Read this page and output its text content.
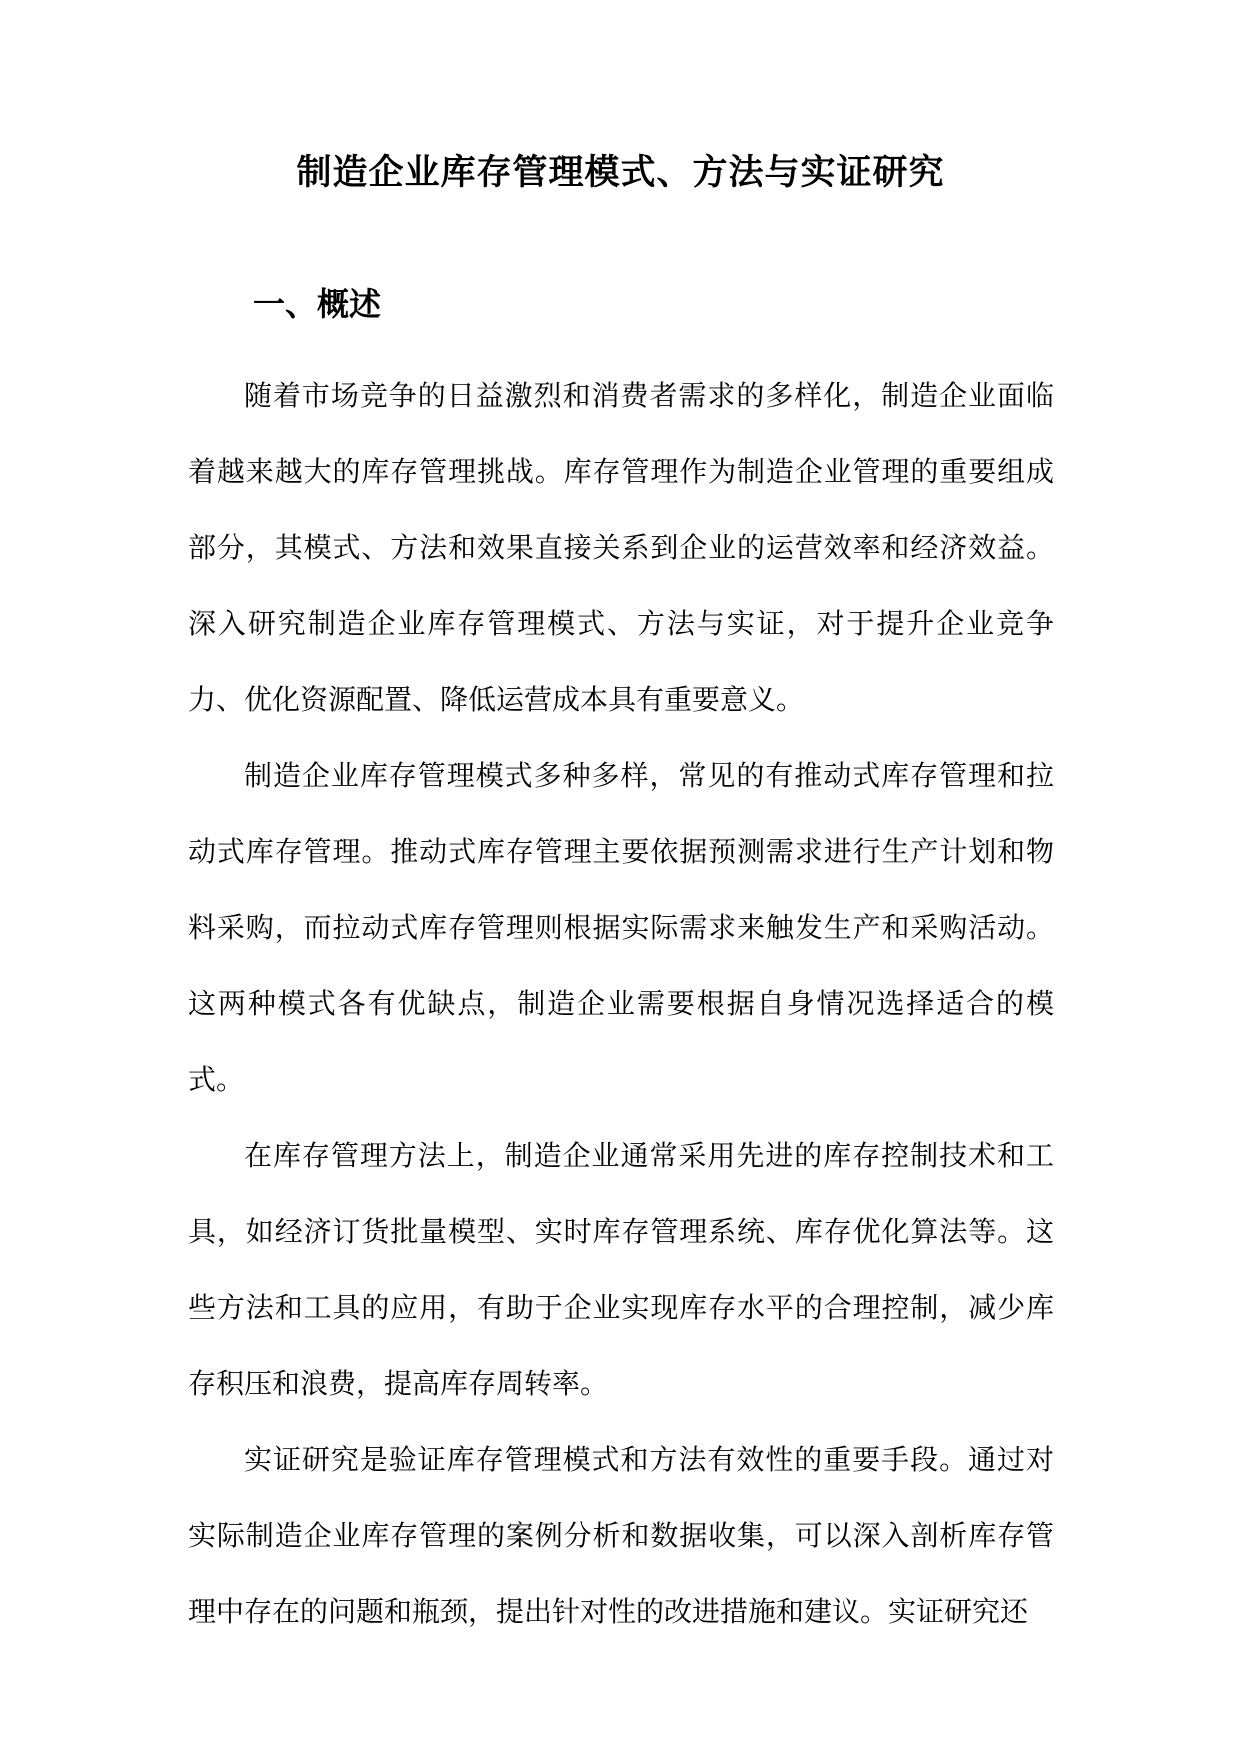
制造企业库存管理模式、方法与实证研究
一、概述

随着市场竞争的日益激烈和消费者需求的多样化，制造企业面临着越来越大的库存管理挑战。库存管理作为制造企业管理的重要组成部分，其模式、方法和效果直接关系到企业的运营效率和经济效益。深入研究制造企业库存管理模式、方法与实证，对于提升企业竞争力、优化资源配置、降低运营成本具有重要意义。

制造企业库存管理模式多种多样，常见的有推动式库存管理和拉动式库存管理。推动式库存管理主要依据预测需求进行生产计划和物料采购，而拉动式库存管理则根据实际需求来触发生产和采购活动。这两种模式各有优缺点，制造企业需要根据自身情况选择适合的模式。

在库存管理方法上，制造企业通常采用先进的库存控制技术和工具，如经济订货批量模型、实时库存管理系统、库存优化算法等。这些方法和工具的应用，有助于企业实现库存水平的合理控制，减少库存积压和浪费，提高库存周转率。

实证研究是验证库存管理模式和方法有效性的重要手段。通过对实际制造企业库存管理的案例分析和数据收集，可以深入剖析库存管理中存在的问题和瓶颈，提出针对性的改进措施和建议。实证研究还
